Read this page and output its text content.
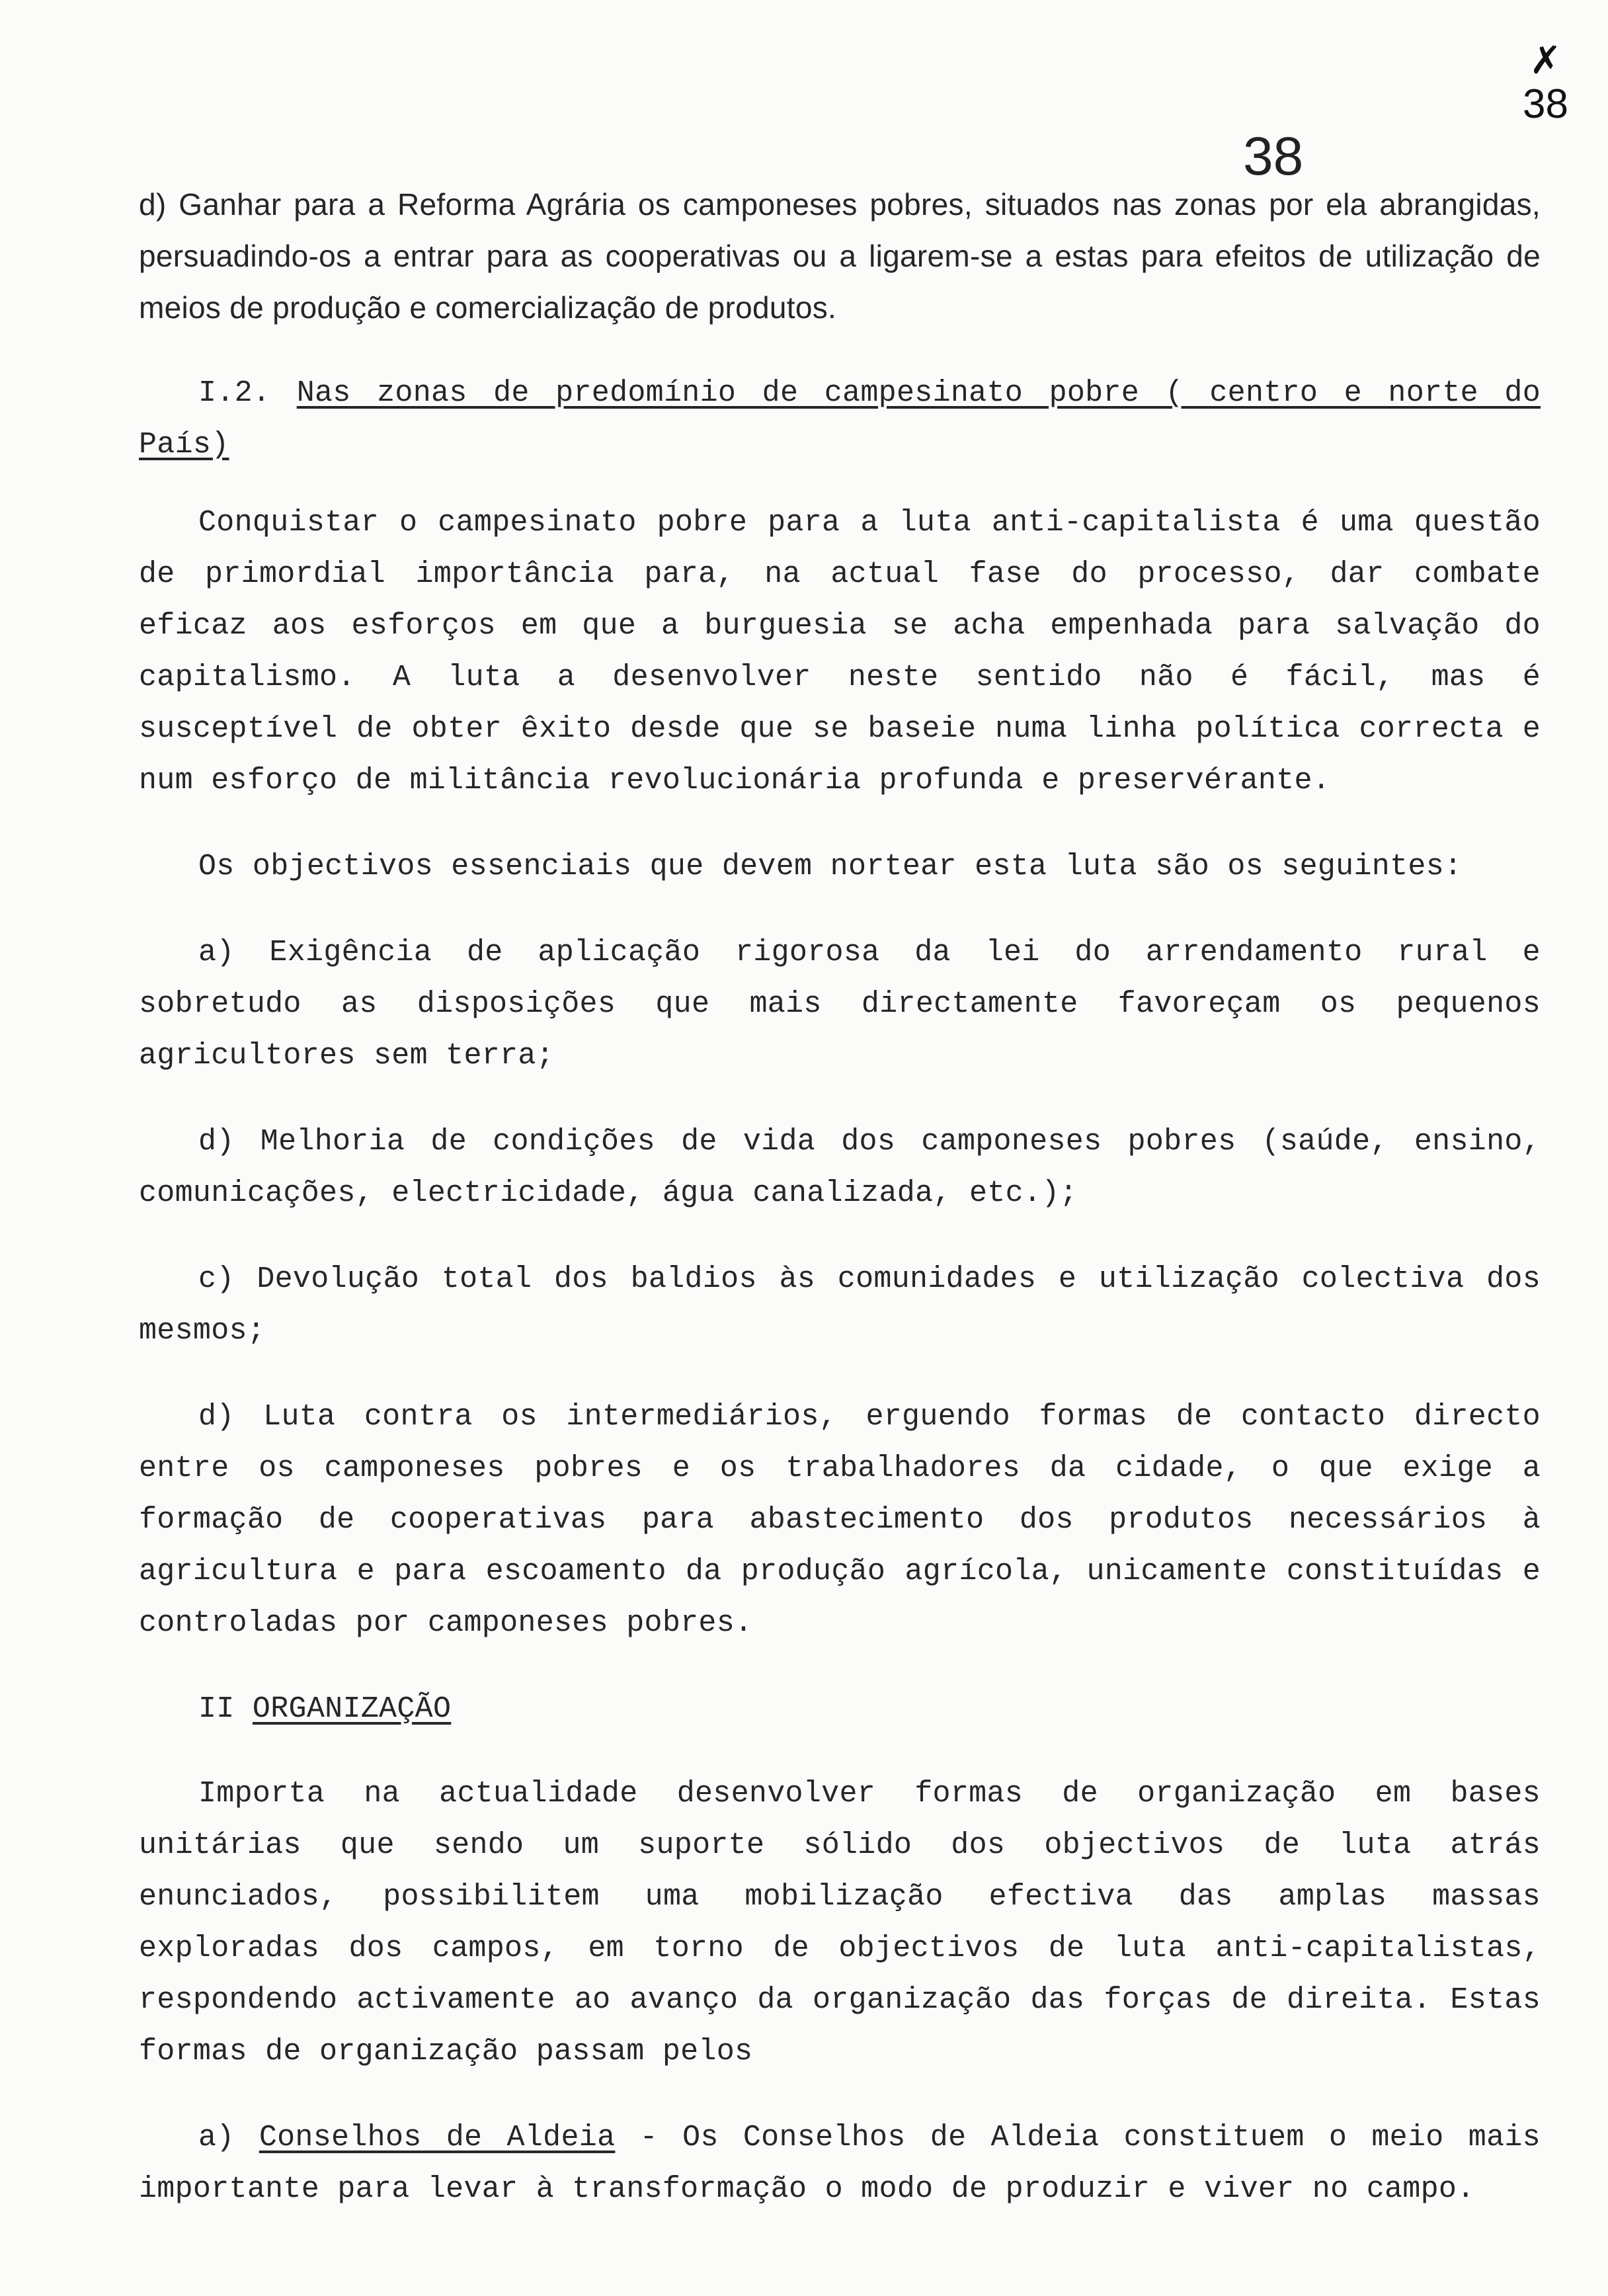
✗
38
38

d) Ganhar para a Reforma Agrária os camponeses pobres, situados nas zonas por ela abrangidas, persuadindo-os a entrar para as cooperativas ou a ligarem-se a estas para efeitos de utilização de meios de produção e comercialização de produtos.

I.2. Nas zonas de predomínio de campesinato pobre ( centro e norte do País)

Conquistar o campesinato pobre para a luta anti-capitalista é uma questão de primordial importância para, na actual fase do processo, dar combate eficaz aos esforços em que a burguesia se acha empenhada para salvação do capitalismo. A luta a desenvolver neste sentido não é fácil, mas é susceptível de obter êxito desde que se baseie numa linha política correcta e num esforço de militância revolucionária profunda e preservérante.

Os objectivos essenciais que devem nortear esta luta são os seguintes:

a) Exigência de aplicação rigorosa da lei do arrendamento rural e sobretudo as disposições que mais directamente favoreçam os pequenos agricultores sem terra;

d) Melhoria de condições de vida dos camponeses pobres (saúde, ensino, comunicações, electricidade, água canalizada, etc.);

c) Devolução total dos baldios às comunidades e utilização colectiva dos mesmos;

d) Luta contra os intermediários, erguendo formas de contacto directo entre os camponeses pobres e os trabalhadores da cidade, o que exige a formação de cooperativas para abastecimento dos produtos necessários à agricultura e para escoamento da produção agrícola, unicamente constituídas e controladas por camponeses pobres.

II ORGANIZAÇÃO

Importa na actualidade desenvolver formas de organização em bases unitárias que sendo um suporte sólido dos objectivos de luta atrás enunciados, possibilitem uma mobilização efectiva das amplas massas exploradas dos campos, em torno de objectivos de luta anti-capitalistas, respondendo activamente ao avanço da organização das forças de direita. Estas formas de organização passam pelos

a) Conselhos de Aldeia - Os Conselhos de Aldeia constituem o meio mais importante para levar à transformação o modo de produzir e viver no campo.
